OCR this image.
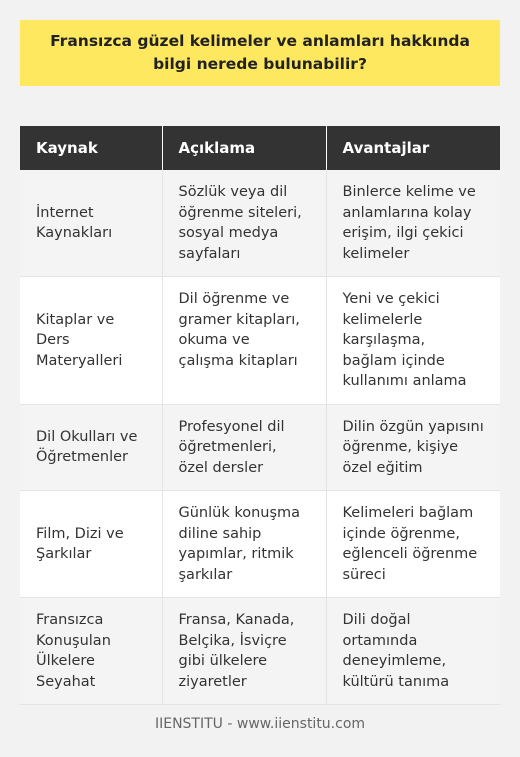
Fransızca güzel kelimeler ve anlamları hakkında bilgi nerede bulunabilir?
Kaynak	Açıklama	Avantajlar
İnternet Kaynakları	Sözlük veya dil öğrenme siteleri, sosyal medya sayfaları	Binlerce kelime ve anlamlarına kolay erişim, ilgi çekici kelimeler
Kitaplar ve Ders Materyalleri	Dil öğrenme ve gramer kitapları, okuma ve çalışma kitapları	Yeni ve çekici kelimelerle karşılaşma, bağlam içinde kullanımı anlama
Dil Okulları ve Öğretmenler	Profesyonel dil öğretmenleri, özel dersler	Dilin özgün yapısını öğrenme, kişiye özel eğitim
Film, Dizi ve Şarkılar	Günlük konuşma diline sahip yapımlar, ritmik şarkılar	Kelimeleri bağlam içinde öğrenme, eğlenceli öğrenme süreci
Fransızca Konuşulan Ülkelere Seyahat	Fransa, Kanada, Belçika, İsviçre gibi ülkelere ziyaretler	Dili doğal ortamında deneyimleme, kültürü tanıma
IIENSTITU - www.iienstitu.com
